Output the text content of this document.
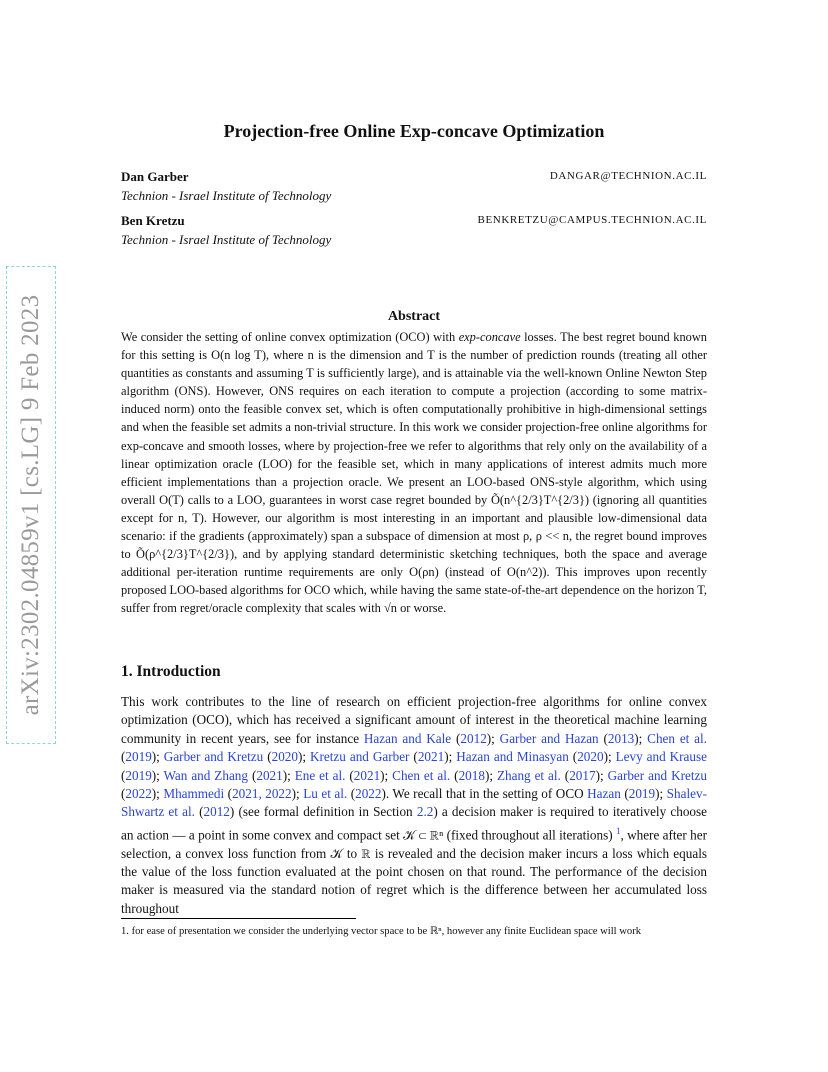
arXiv:2302.04859v1 [cs.LG] 9 Feb 2023
Projection-free Online Exp-concave Optimization
Dan Garber
Technion - Israel Institute of Technology
DANGAR@TECHNION.AC.IL
Ben Kretzu
Technion - Israel Institute of Technology
BENKRETZU@CAMPUS.TECHNION.AC.IL
Abstract

We consider the setting of online convex optimization (OCO) with exp-concave losses. The best regret bound known for this setting is O(n log T), where n is the dimension and T is the number of prediction rounds (treating all other quantities as constants and assuming T is sufficiently large), and is attainable via the well-known Online Newton Step algorithm (ONS). However, ONS requires on each iteration to compute a projection (according to some matrix-induced norm) onto the feasible convex set, which is often computationally prohibitive in high-dimensional settings and when the feasible set admits a non-trivial structure. In this work we consider projection-free online algorithms for exp-concave and smooth losses, where by projection-free we refer to algorithms that rely only on the availability of a linear optimization oracle (LOO) for the feasible set, which in many applications of interest admits much more efficient implementations than a projection oracle. We present an LOO-based ONS-style algorithm, which using overall O(T) calls to a LOO, guarantees in worst case regret bounded by Õ(n^{2/3}T^{2/3}) (ignoring all quantities except for n, T). However, our algorithm is most interesting in an important and plausible low-dimensional data scenario: if the gradients (approximately) span a subspace of dimension at most ρ, ρ << n, the regret bound improves to Õ(ρ^{2/3}T^{2/3}), and by applying standard deterministic sketching techniques, both the space and average additional per-iteration runtime requirements are only O(ρn) (instead of O(n^2)). This improves upon recently proposed LOO-based algorithms for OCO which, while having the same state-of-the-art dependence on the horizon T, suffer from regret/oracle complexity that scales with √n or worse.

1. Introduction

This work contributes to the line of research on efficient projection-free algorithms for online convex optimization (OCO), which has received a significant amount of interest in the theoretical machine learning community in recent years, see for instance Hazan and Kale (2012); Garber and Hazan (2013); Chen et al. (2019); Garber and Kretzu (2020); Kretzu and Garber (2021); Hazan and Minasyan (2020); Levy and Krause (2019); Wan and Zhang (2021); Ene et al. (2021); Chen et al. (2018); Zhang et al. (2017); Garber and Kretzu (2022); Mhammedi (2021, 2022); Lu et al. (2022). We recall that in the setting of OCO Hazan (2019); Shalev-Shwartz et al. (2012) (see formal definition in Section 2.2) a decision maker is required to iteratively choose an action — a point in some convex and compact set 𝒦 ⊂ ℝⁿ (fixed throughout all iterations) $^1$, where after her selection, a convex loss function from 𝒦 to ℝ is revealed and the decision maker incurs a loss which equals the value of the loss function evaluated at the point chosen on that round. The performance of the decision maker is measured via the standard notion of regret which is the difference between her accumulated loss throughout

1. for ease of presentation we consider the underlying vector space to be ℝⁿ, however any finite Euclidean space will work
